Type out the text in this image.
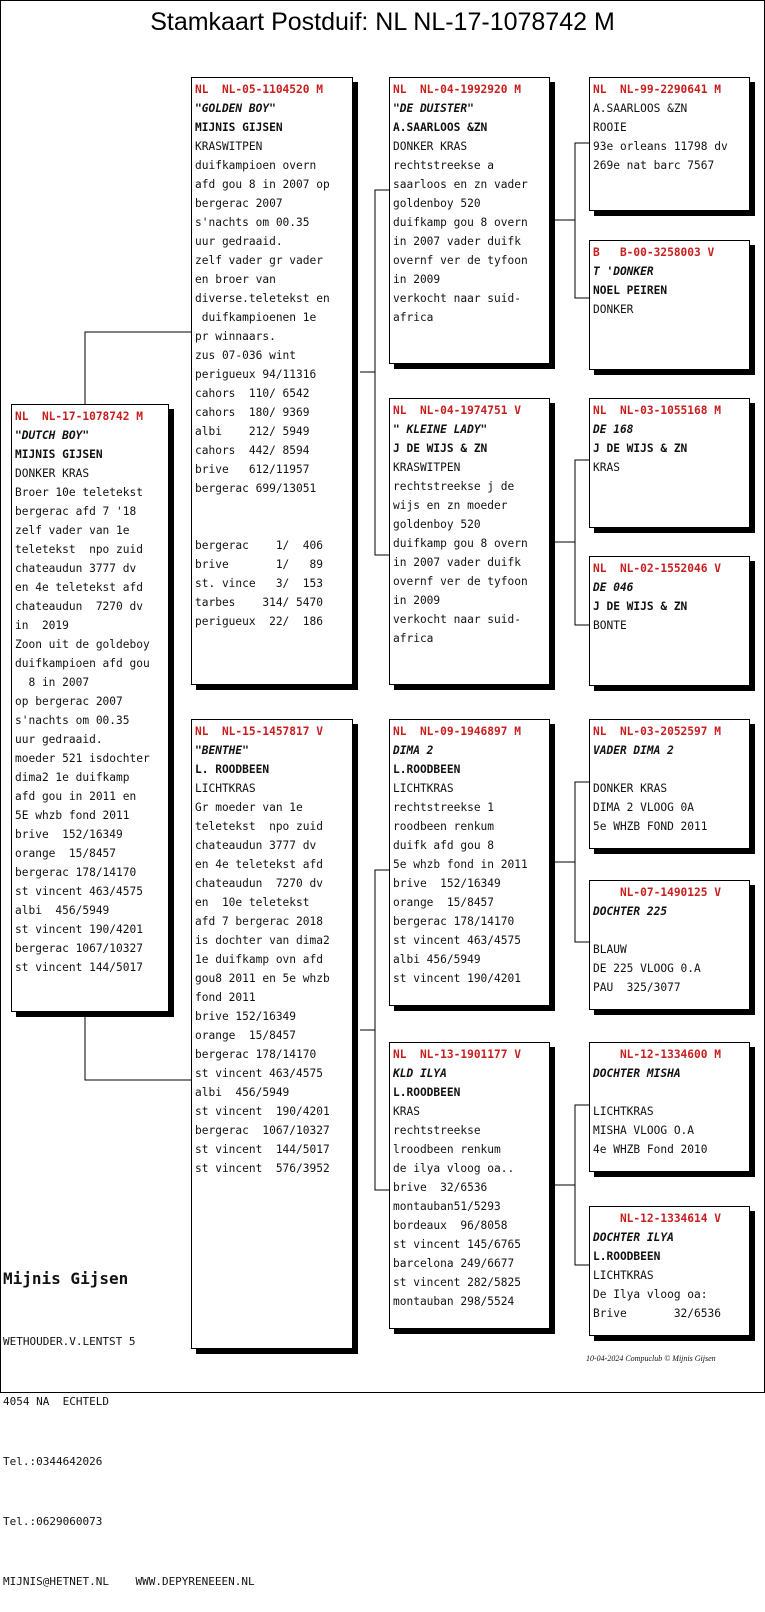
Stamkaart Postduif: NL NL-17-1078742 M
NL  NL-17-1078742 M
"DUTCH BOY"
MIJNIS GIJSEN
DONKER KRAS
Broer 10e teletekst
bergerac afd 7 '18
zelf vader van 1e
teletekst  npo zuid
chateaudun 3777 dv
en 4e teletekst afd
chateaudun  7270 dv
in  2019
Zoon uit de goldeboy
duifkampioen afd gou
8 in 2007
op bergerac 2007
s'nachts om 00.35
uur gedraaid.
moeder 521 isdochter
dima2 1e duifkamp
afd gou in 2011 en
5E whzb fond 2011
brive  152/16349
orange  15/8457
bergerac 178/14170
st vincent 463/4575
albi  456/5949
st vincent 190/4201
bergerac 1067/10327
st vincent 144/5017
NL  NL-05-1104520 M
"GOLDEN BOY"
MIJNIS GIJSEN
KRASWITPEN
duifkampioen overn
afd gou 8 in 2007 op
bergerac 2007
s'nachts om 00.35
uur gedraaid.
zelf vader gr vader
en broer van
diverse.teletekst en
duifkampioenen 1e
pr winnaars.
zus 07-036 wint
perigueux 94/11316
cahors  110/ 6542
cahors  180/ 9369
albi    212/ 5949
cahors  442/ 8594
brive   612/11957
bergerac 699/13051
bergerac    1/  406
brive       1/   89
st. vince   3/  153
tarbes    314/ 5470
perigueux  22/  186
NL  NL-15-1457817 V
"BENTHE"
L. ROODBEEN
LICHTKRAS
Gr moeder van 1e
teletekst  npo zuid
chateaudun 3777 dv
en 4e teletekst afd
chateaudun  7270 dv
en  10e teletekst
afd 7 bergerac 2018
is dochter van dima2
1e duifkamp ovn afd
gou8 2011 en 5e whzb
fond 2011
brive 152/16349
orange  15/8457
bergerac 178/14170
st vincent 463/4575
albi  456/5949
st vincent  190/4201
bergerac  1067/10327
st vincent  144/5017
st vincent  576/3952
NL  NL-04-1992920 M
"DE DUISTER"
A.SAARLOOS &ZN
DONKER KRAS
rechtstreekse a
saarloos en zn vader
goldenboy 520
duifkamp gou 8 overn
in 2007 vader duifk
overnf ver de tyfoon
in 2009
verkocht naar suid-
africa
NL  NL-04-1974751 V
" KLEINE LADY"
J DE WIJS & ZN
KRASWITPEN
rechtstreekse j de
wijs en zn moeder
goldenboy 520
duifkamp gou 8 overn
in 2007 vader duifk
overnf ver de tyfoon
in 2009
verkocht naar suid-
africa
NL  NL-09-1946897 M
DIMA 2
L.ROODBEEN
LICHTKRAS
rechtstreekse 1
roodbeen renkum
duifk afd gou 8
5e whzb fond in 2011
brive  152/16349
orange  15/8457
bergerac 178/14170
st vincent 463/4575
albi 456/5949
st vincent 190/4201
NL  NL-13-1901177 V
KLD ILYA
L.ROODBEEN
KRAS
rechtstreekse
lroodbeen renkum
de ilya vloog oa..
brive  32/6536
montauban51/5293
bordeaux  96/8058
st vincent 145/6765
barcelona 249/6677
st vincent 282/5825
montauban 298/5524
NL  NL-99-2290641 M
A.SAARLOOS &ZN
ROOIE
93e orleans 11798 dv
269e nat barc 7567
B   B-00-3258003 V
T 'DONKER
NOEL PEIREN
DONKER
NL  NL-03-1055168 M
DE 168
J DE WIJS & ZN
KRAS
NL  NL-02-1552046 V
DE 046
J DE WIJS & ZN
BONTE
NL  NL-03-2052597 M
VADER DIMA 2
DONKER KRAS
DIMA 2 VLOOG 0A
5e WHZB FOND 2011
NL-07-1490125 V
DOCHTER 225
BLAUW
DE 225 VLOOG 0.A
PAU  325/3077
NL-12-1334600 M
DOCHTER MISHA
LICHTKRAS
MISHA VLOOG O.A
4e WHZB Fond 2010
NL-12-1334614 V
DOCHTER ILYA
L.ROODBEEN
LICHTKRAS
De Ilya vloog oa:
Brive       32/6536

Mijnis Gijsen

WETHOUDER.V.LENTST 5

4054 NA  ECHTELD

Tel.:0344642026

Tel.:0629060073

MIJNIS@HETNET.NL    WWW.DEPYRENEEEN.NL

10-04-2024 Compuclub © Mijnis Gijsen
